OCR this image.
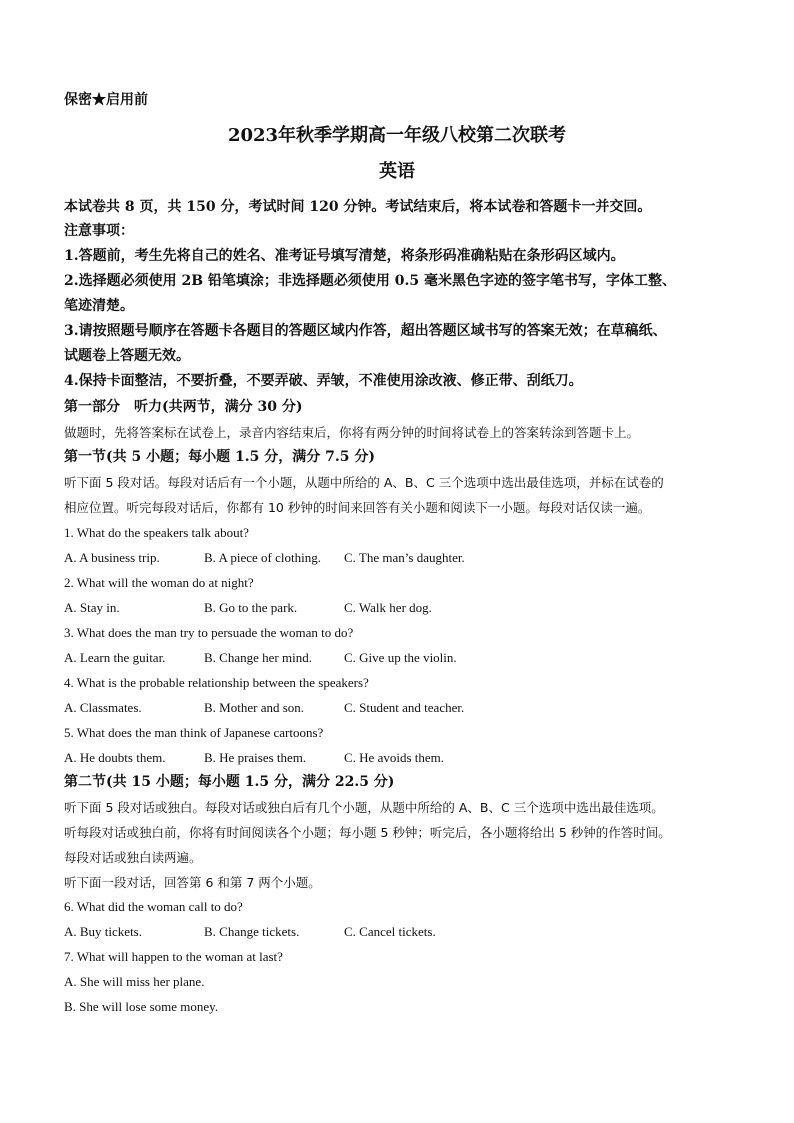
保密★启用前
2023年秋季学期高一年级八校第二次联考
英语
本试卷共 8 页，共 150 分，考试时间 120 分钟。考试结束后，将本试卷和答题卡一并交回。
注意事项：
1.答题前，考生先将自己的姓名、准考证号填写清楚，将条形码准确粘贴在条形码区域内。
2.选择题必须使用 2B 铅笔填涂；非选择题必须使用 0.5 毫米黑色字迹的签字笔书写，字体工整、
笔迹清楚。
3.请按照题号顺序在答题卡各题目的答题区域内作答，超出答题区域书写的答案无效；在草稿纸、
试题卷上答题无效。
4.保持卡面整洁，不要折叠，不要弄破、弄皱，不准使用涂改液、修正带、刮纸刀。
第一部分　听力(共两节，满分 30 分)
做题时，先将答案标在试卷上，录音内容结束后，你将有两分钟的时间将试卷上的答案转涂到答题卡上。
第一节(共 5 小题；每小题 1.5 分，满分 7.5 分)
听下面 5 段对话。每段对话后有一个小题，从题中所给的 A、B、C 三个选项中选出最佳选项，并标在试卷的
相应位置。听完每段对话后，你都有 10 秒钟的时间来回答有关小题和阅读下一小题。每段对话仅读一遍。
1. What do the speakers talk about?
A. A business trip.	B. A piece of clothing. C. The man’s daughter.
2. What will the woman do at night?
A. Stay in.	B. Go to the park.	C. Walk her dog.
3. What does the man try to persuade the woman to do?
A. Learn the guitar.	B. Change her mind. C. Give up the violin.
4. What is the probable relationship between the speakers?
A. Classmates.	B. Mother and son.	C. Student and teacher.
5. What does the man think of Japanese cartoons?
A. He doubts them.	B. He praises them.	C. He avoids them.
第二节(共 15 小题；每小题 1.5 分，满分 22.5 分)
听下面 5 段对话或独白。每段对话或独白后有几个小题，从题中所给的 A、B、C 三个选项中选出最佳选项。
听每段对话或独白前，你将有时间阅读各个小题；每小题 5 秒钟；听完后，各小题将给出 5 秒钟的作答时间。
每段对话或独白读两遍。
听下面一段对话，回答第 6 和第 7 两个小题。
6. What did the woman call to do?
A. Buy tickets.	B. Change tickets.	C. Cancel tickets.
7. What will happen to the woman at last?
A. She will miss her plane.
B. She will lose some money.
